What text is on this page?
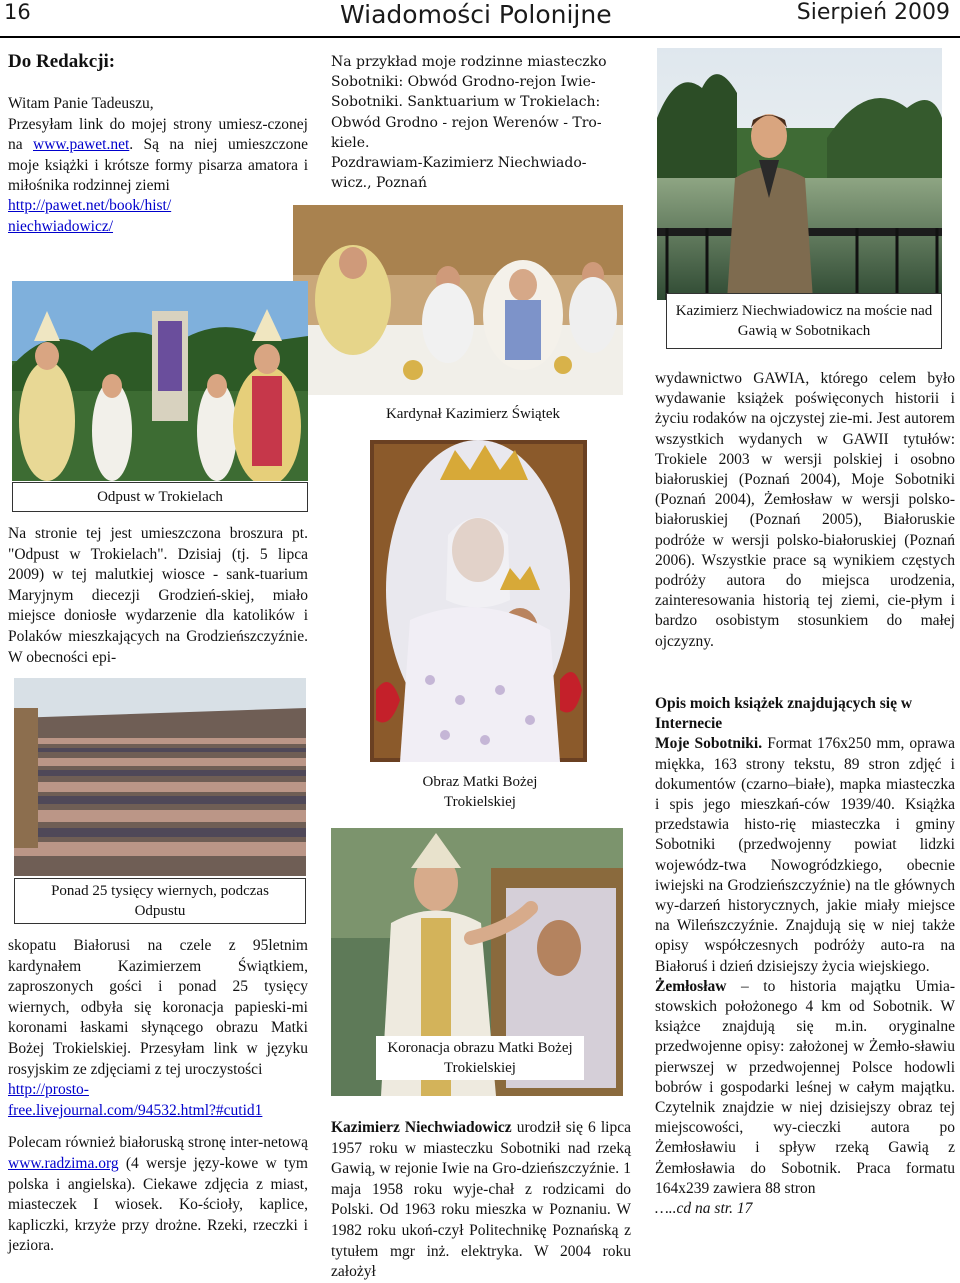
16	Wiadomości Polonijne	Sierpień 2009
Do Redakcji:

Witam Panie Tadeuszu,

Przesyłam link do mojej strony umiesz-czonej na www.pawet.net. Są na niej umieszczone moje książki i krótsze formy pisarza amatora i miłośnika rodzinnej ziemi

http://pawet.net/book/hist/
niechwiadowicz/

Na przykład moje rodzinne miasteczko Sobotniki: Obwód Grodno-rejon Iwie-Sobotniki. Sanktuarium w Trokielach: Obwód Grodno - rejon Werenów - Tro-kiele.

Pozdrawiam-Kazimierz Niechwiado-

wicz., Poznań

Kazimierz Niechwiadowicz na moście nad Gawią w Sobotnikach
Kardynał Kazimierz Świątek
Odpust w Trokielach

Na stronie tej jest umieszczona broszura pt. "Odpust w Trokielach". Dzisiaj (tj. 5 lipca 2009) w tej malutkiej wiosce - sank-tuarium Maryjnym diecezji Grodzień-skiej, miało miejsce doniosłe wydarzenie dla katolików i Polaków mieszkających na Grodzieńszczyźnie. W obecności epi-

Ponad 25 tysięcy wiernych, podczas Odpustu

skopatu Białorusi na czele z 95letnim kardynałem Kazimierzem Świątkiem, zaproszonych gości i ponad 25 tysięcy wiernych, odbyła się koronacja papieski-mi koronami łaskami słynącego obrazu Matki Bożej Trokielskiej. Przesyłam link w języku rosyjskim ze zdjęciami z tej uroczystości

http://prosto-
free.livejournal.com/94532.html?#cutid1

Polecam również białoruską stronę inter-netową www.radzima.org (4 wersje języ-kowe w tym polska i angielska). Ciekawe zdjęcia z miast, miasteczek I wiosek. Ko-ścioły, kaplice, kapliczki, krzyże przy drożne. Rzeki, rzeczki i jeziora.

Obraz Matki Bożej Trokielskiej
Koronacja obrazu Matki Bożej Trokielskiej

Kazimierz Niechwiadowicz urodził się 6 lipca 1957 roku w miasteczku Sobotniki nad rzeką Gawią, w rejonie Iwie na Gro-dzieńszczyźnie. 1 maja 1958 roku wyje-chał z rodzicami do Polski. Od 1963 roku mieszka w Poznaniu. W 1982 roku ukoń-czył Politechnikę Poznańską z tytułem mgr inż. elektryka. W 2004 roku założył

wydawnictwo GAWIA, którego celem było wydawanie książek poświęconych historii i życiu rodaków na ojczystej zie-mi. Jest autorem wszystkich wydanych w GAWII tytułów: Trokiele 2003 w wersji polskiej i osobno białoruskiej (Poznań 2004), Moje Sobotniki (Poznań 2004), Żemłosław w wersji polsko-białoruskiej (Poznań 2005), Białoruskie podróże w wersji polsko-białoruskiej (Poznań 2006). Wszystkie prace są wynikiem częstych podróży autora do miejsca urodzenia, zainteresowania historią tej ziemi, cie-płym i bardzo osobistym stosunkiem do małej ojczyzny.

Opis moich książek znajdujących się w Internecie

Moje Sobotniki. Format 176x250 mm, oprawa miękka, 163 strony tekstu, 89 stron zdjęć i dokumentów (czarno–białe), mapka miasteczka i spis jego mieszkań-ców 1939/40. Książka przedstawia histo-rię miasteczka i gminy Sobotniki (przedwojenny powiat lidzki wojewódz-twa Nowogródzkiego, obecnie iwiejski na Grodzieńszczyźnie) na tle głównych wy-darzeń historycznych, jakie miały miejsce na Wileńszczyźnie. Znajdują się w niej także opisy współczesnych podróży auto-ra na Białoruś i dzień dzisiejszy życia wiejskiego.

Żemłosław – to historia majątku Umia-stowskich położonego 4 km od Sobotnik. W książce znajdują się m.in. oryginalne przedwojenne opisy: założonej w Żemło-sławiu pierwszej w przedwojennej Polsce hodowli bobrów i gospodarki leśnej w całym majątku. Czytelnik znajdzie w niej dzisiejszy obraz tej miejscowości, wy-cieczki autora po Żemłosławiu i spływ rzeką Gawią z Żemłosławia do Sobotnik. Praca formatu 164x239 zawiera 88 stron

…..cd na str. 17
